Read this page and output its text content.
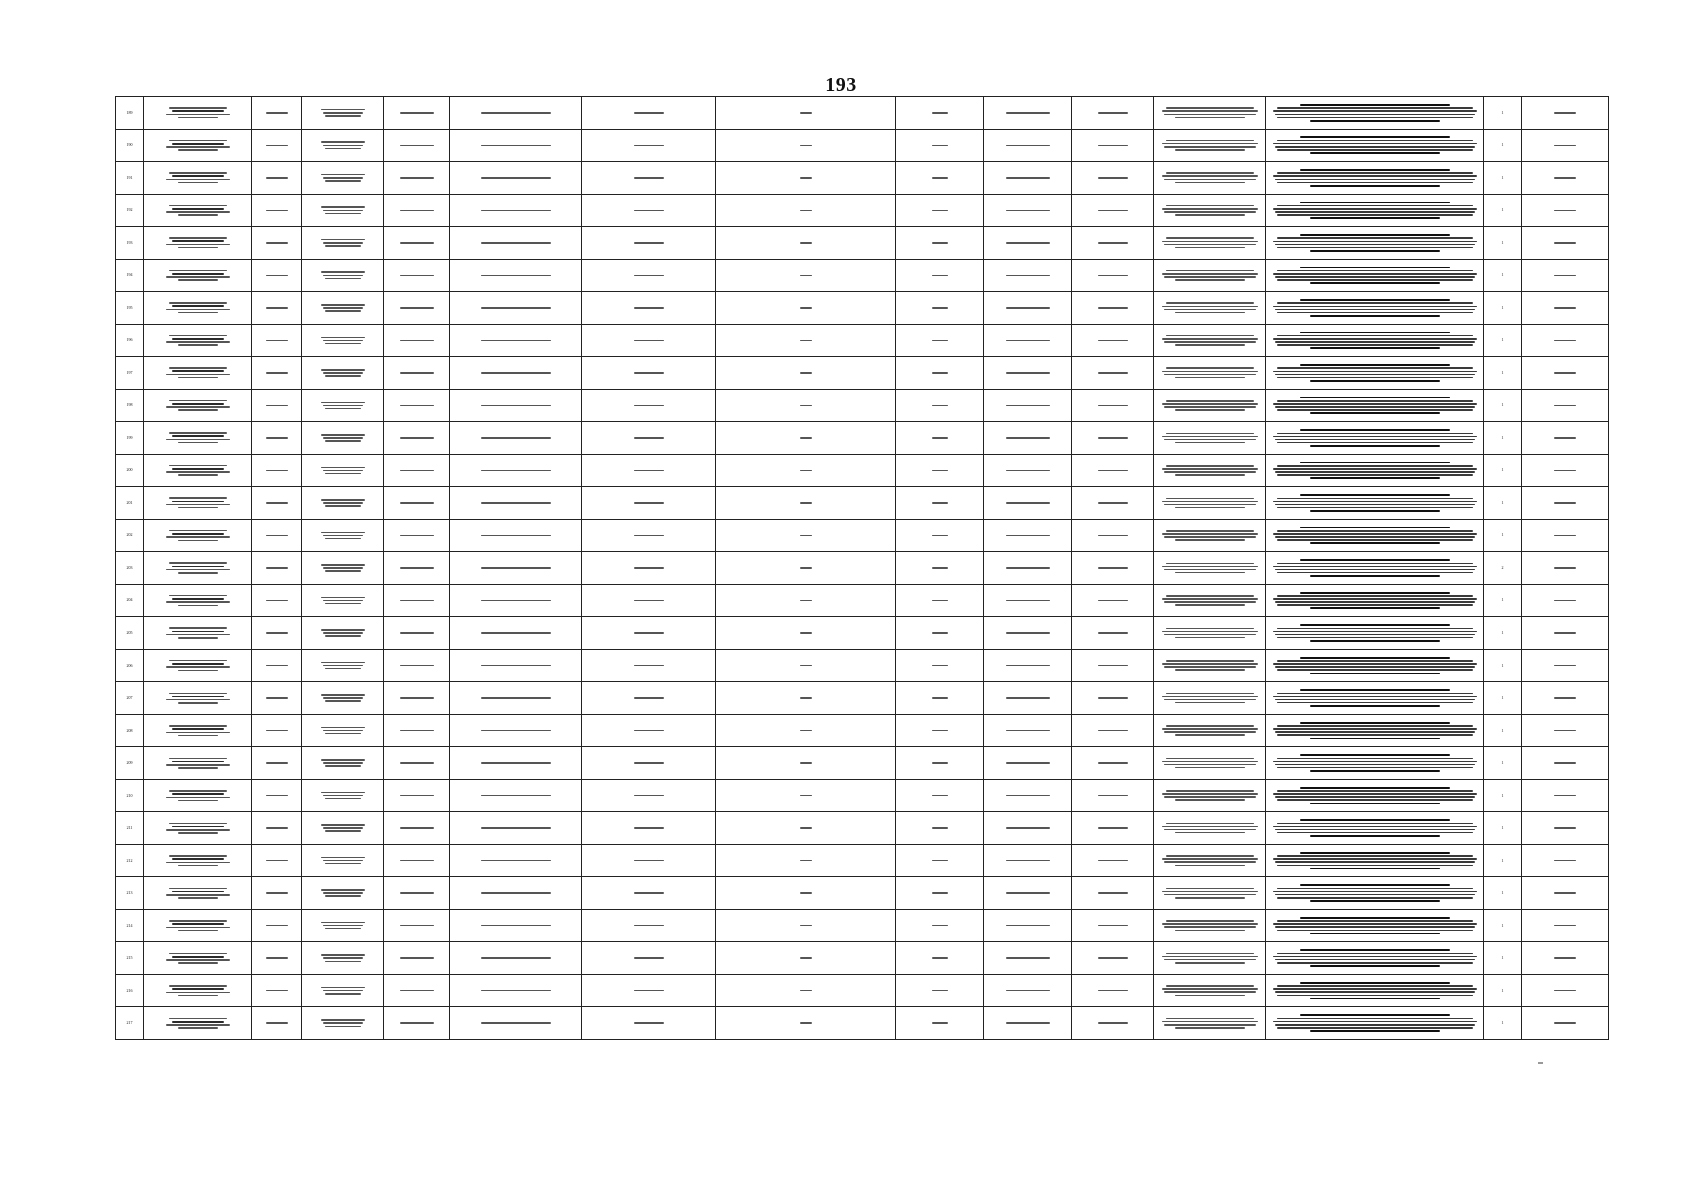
193
189													1	

190													1	

191													1	

192													1	

193													1	

194													1	

195													1	

196													1	

197													1	

198													1	

199													1	

200													1	

201													1	

202													1	

203													2	

204													1	

205													1	

206													1	

207													1	

208													1	

209													1	

210													1	

211													1	

212													1	

213													1	

214													1	

215													1	

216													1	

217													1	
